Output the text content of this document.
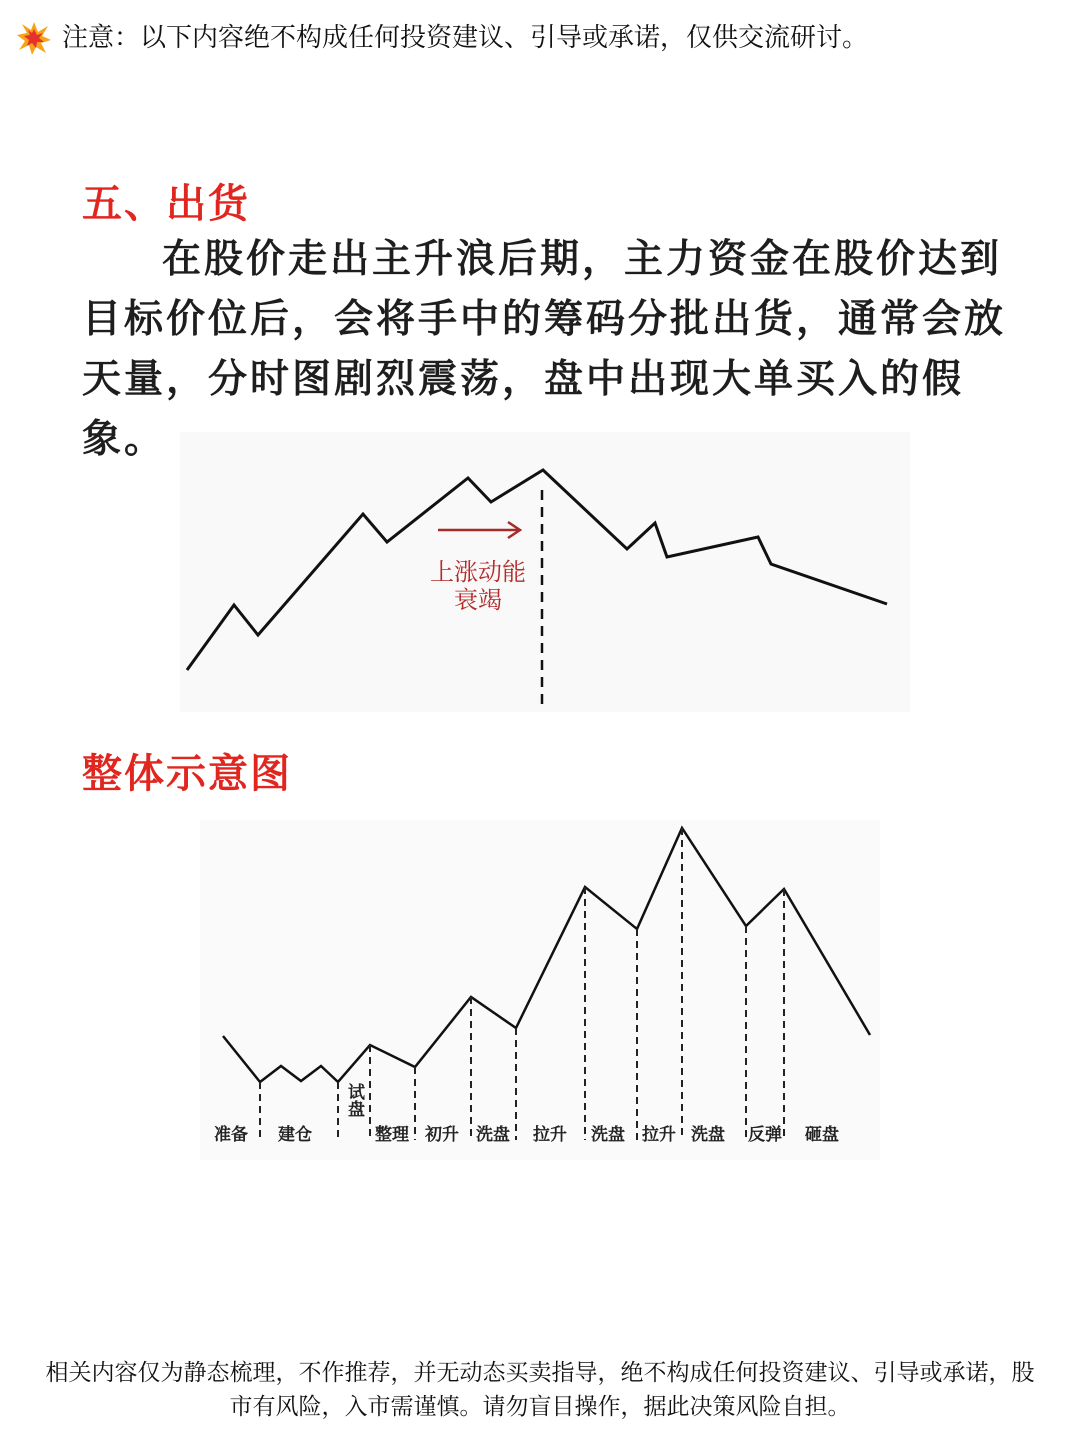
注意：以下内容绝不构成任何投资建议、引导或承诺，仅供交流研讨。
五、出货
在股价走出主升浪后期，主力资金在股价达到目标价位后，会将手中的筹码分批出货，通常会放天量，分时图剧烈震荡，盘中出现大单买入的假象。
上涨动能
衰竭
整体示意图
准备 建仓
试盘
整理 初升 洗盘 拉升 洗盘 拉升 洗盘 反弹 砸盘
相关内容仅为静态梳理，不作推荐，并无动态买卖指导，绝不构成任何投资建议、引导或承诺，股
市有风险，入市需谨慎。请勿盲目操作，据此决策风险自担。
